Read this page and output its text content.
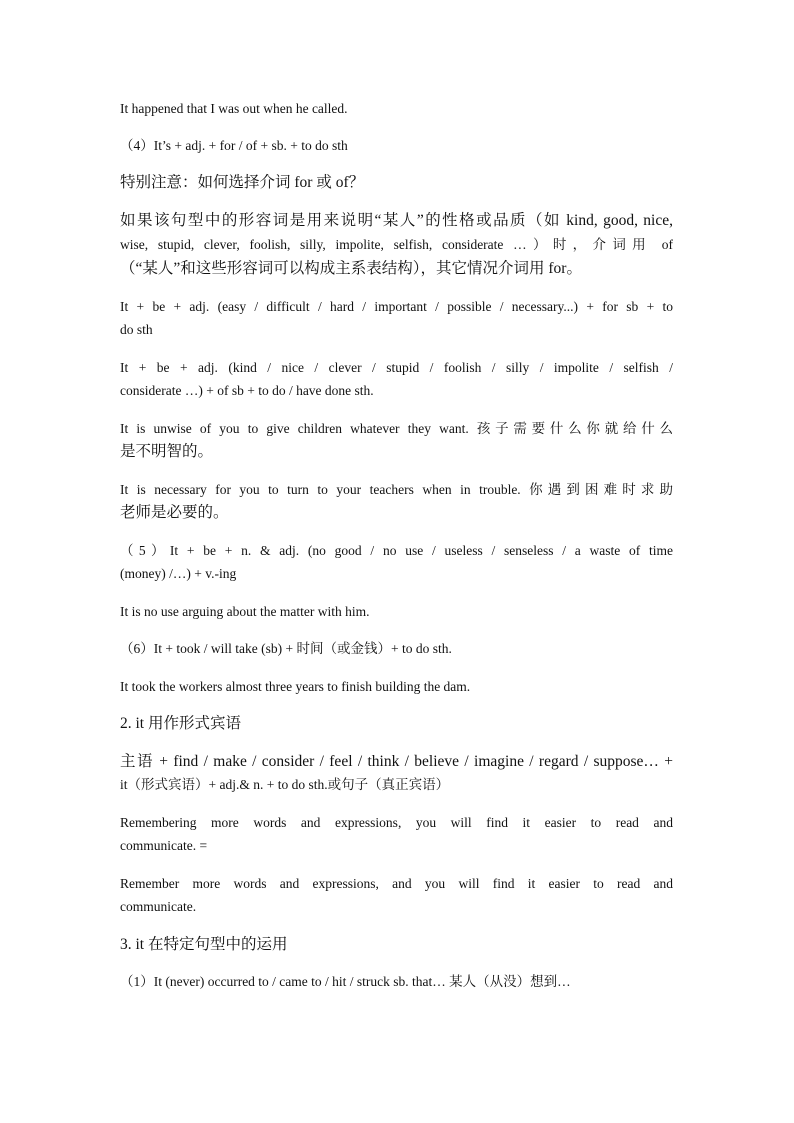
It happened that I was out when he called.
（4）It’s + adj. + for / of + sb. + to do sth
特别注意：如何选择介词 for 或 of？
如果该句型中的形容词是用来说明“某人”的性格或品质（如 kind, good, nice,
wise, stupid, clever, foolish, silly, impolite, selfish, considerate …）时，介词用 of
（“某人”和这些形容词可以构成主系表结构），其它情况介词用 for。
It + be + adj. (easy / difficult / hard / important / possible / necessary...) + for sb + to
do sth
It + be + adj. (kind / nice / clever / stupid / foolish / silly / impolite / selfish /
considerate …) + of sb + to do / have done sth.
It is unwise of you to give children whatever they want. 孩子需要什么你就给什么
是不明智的。
It is necessary for you to turn to your teachers when in trouble. 你遇到困难时求助
老师是必要的。
（5）It + be + n. & adj. (no good / no use / useless / senseless / a waste of time
(money) /…) + v.-ing
It is no use arguing about the matter with him.
（6）It + took / will take (sb) + 时间（或金钱）+ to do sth.
It took the workers almost three years to finish building the dam.
2. it 用作形式宾语
主语 + find / make / consider / feel / think / believe / imagine / regard / suppose… +
it（形式宾语）+ adj.& n. + to do sth.或句子（真正宾语）
Remembering more words and expressions, you will find it easier to read and
communicate. =
Remember more words and expressions, and you will find it easier to read and
communicate.
3. it 在特定句型中的运用
（1）It (never) occurred to / came to / hit / struck sb. that… 某人（从没）想到…
